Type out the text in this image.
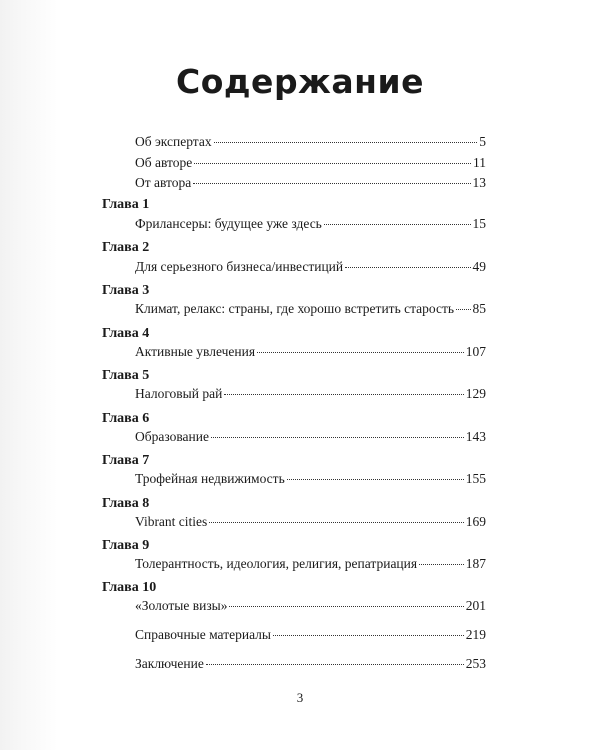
Содержание
Об экспертах	5
Об авторе	11
От автора	13
Глава 1
Фрилансеры: будущее уже здесь	15
Глава 2
Для серьезного бизнеса/инвестиций	49
Глава 3
Климат, релакс: страны, где хорошо встретить старость 85
Глава 4
Активные увлечения	107
Глава 5
Налоговый рай	129
Глава 6
Образование	143
Глава 7
Трофейная недвижимость	155
Глава 8
Vibrant cities	169
Глава 9
Толерантность, идеология, религия, репатриация	187
Глава 10
«Золотые визы»	201
Справочные материалы	219
Заключение	253
3
